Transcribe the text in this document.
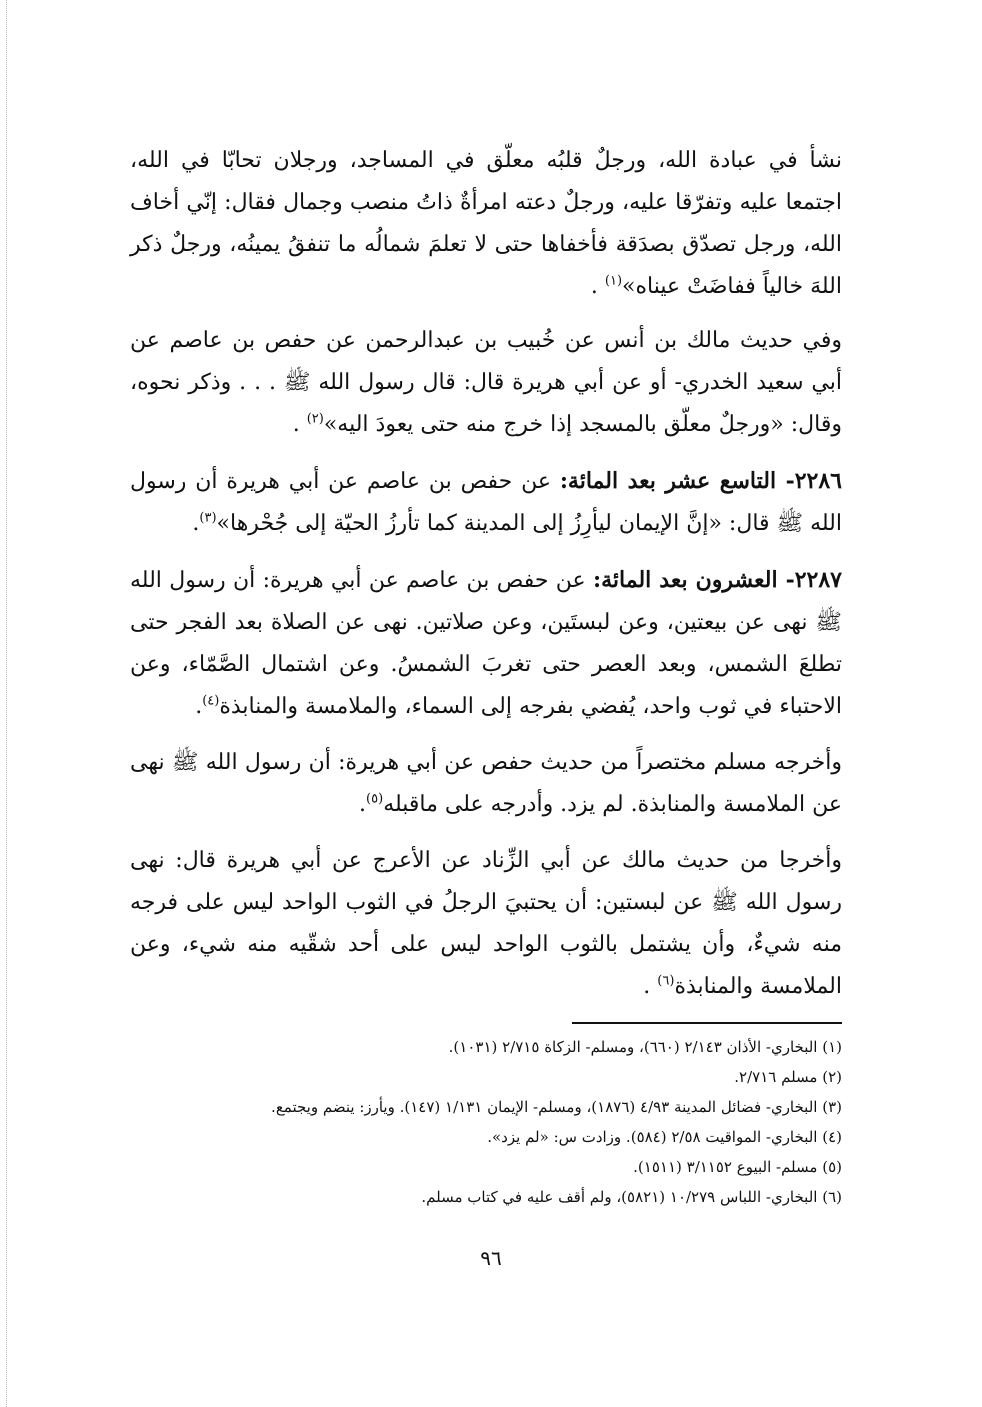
نشأ في عبادة الله، ورجلٌ قلبُه معلّق في المساجد، ورجلان تحابّا في الله، اجتمعا عليه وتفرّقا عليه، ورجلٌ دعته امرأةٌ ذاتُ منصب وجمال فقال: إنّي أخاف الله، ورجل تصدّق بصدَقة فأخفاها حتى لا تعلمَ شمالُه ما تنفقُ يمينُه، ورجلٌ ذكر اللهَ خالياً ففاضَتْ عيناه»$^{(١)}$ .

وفي حديث مالك بن أنس عن خُبيب بن عبدالرحمن عن حفص بن عاصم عن أبي سعيد الخدري- أو عن أبي هريرة قال: قال رسول الله ﷺ . . . وذكر نحوه، وقال: «ورجلٌ معلّق بالمسجد إذا خرج منه حتى يعودَ اليه»$^{(٢)}$ .

٢٢٨٦- التاسع عشر بعد المائة: عن حفص بن عاصم عن أبي هريرة أن رسول الله ﷺ قال: «إنَّ الإيمان ليأرِزُ إلى المدينة كما تأرزُ الحيّة إلى جُحْرها»$^{(٣)}$.

٢٢٨٧- العشرون بعد المائة: عن حفص بن عاصم عن أبي هريرة: أن رسول الله ﷺ نهى عن بيعتين، وعن لبستَين، وعن صلاتين. نهى عن الصلاة بعد الفجر حتى تطلعَ الشمس، وبعد العصر حتى تغربَ الشمسُ. وعن اشتمال الصَّمّاء، وعن الاحتباء في ثوب واحد، يُفضي بفرجه إلى السماء، والملامسة والمنابذة$^{(٤)}$.

وأخرجه مسلم مختصراً من حديث حفص عن أبي هريرة: أن رسول الله ﷺ نهى عن الملامسة والمنابذة. لم يزد. وأدرجه على ماقبله$^{(٥)}$.

وأخرجا من حديث مالك عن أبي الزِّناد عن الأعرج عن أبي هريرة قال: نهى رسول الله ﷺ عن لبستين: أن يحتبيَ الرجلُ في الثوب الواحد ليس على فرجه منه شيءٌ، وأن يشتمل بالثوب الواحد ليس على أحد شقّيه منه شيء، وعن الملامسة والمنابذة$^{(٦)}$ .

(١) البخاري- الأذان ٢/١٤٣ (٦٦٠)، ومسلم- الزكاة ٢/٧١٥ (١٠٣١).
(٢) مسلم ٢/٧١٦.
(٣) البخاري- فضائل المدينة ٤/٩٣ (١٨٧٦)، ومسلم- الإيمان ١/١٣١ (١٤٧). ويأرز: ينضم ويجتمع.
(٤) البخاري- المواقيت ٢/٥٨ (٥٨٤). وزادت س: «لم يزد».
(٥) مسلم- البيوع ٣/١١٥٢ (١٥١١).
(٦) البخاري- اللباس ١٠/٢٧٩ (٥٨٢١)، ولم أقف عليه في كتاب مسلم.
٩٦
